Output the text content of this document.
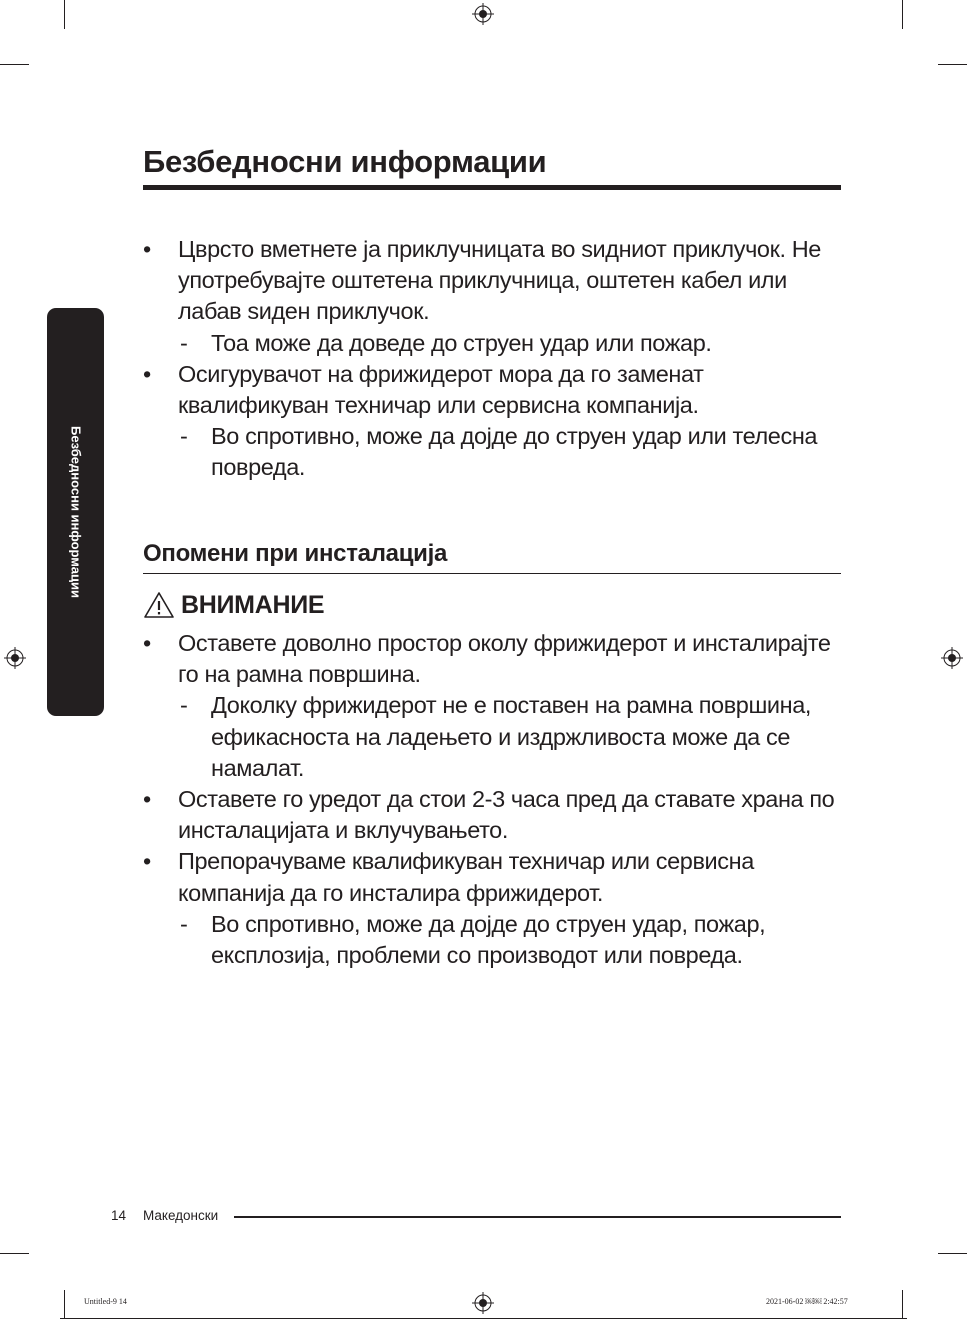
Безбедносни информации
Безбедносни информации
• Цврсто вметнете ја приклучницата во ѕидниот приклучок. Не употребувајте оштетена приклучница, оштетен кабел или лабав ѕиден приклучок.
- Тоа може да доведе до струен удар или пожар.
• Осигурувачот на фрижидерот мора да го заменат квалификуван техничар или сервисна компанија.
- Во спротивно, може да дојде до струен удар или телесна повреда.
Опомени при инсталација
ВНИМАНИЕ
• Оставете доволно простор околу фрижидерот и инсталирајте го на рамна површина.
- Доколку фрижидерот не е поставен на рамна површина, ефикасноста на ладењето и издржливоста може да се намалат.
• Оставете го уредот да стои 2-3 часа пред да ставате храна по инсталацијата и вклучувањето.
• Препорачуваме квалификуван техничар или сервисна компанија да го инсталира фрижидерот.
- Во спротивно, може да дојде до струен удар, пожар, експлозија, проблеми со производот или повреда.
14 Македонски
Untitled-9 14	2021-06-02 ￼￼ 2:42:57
